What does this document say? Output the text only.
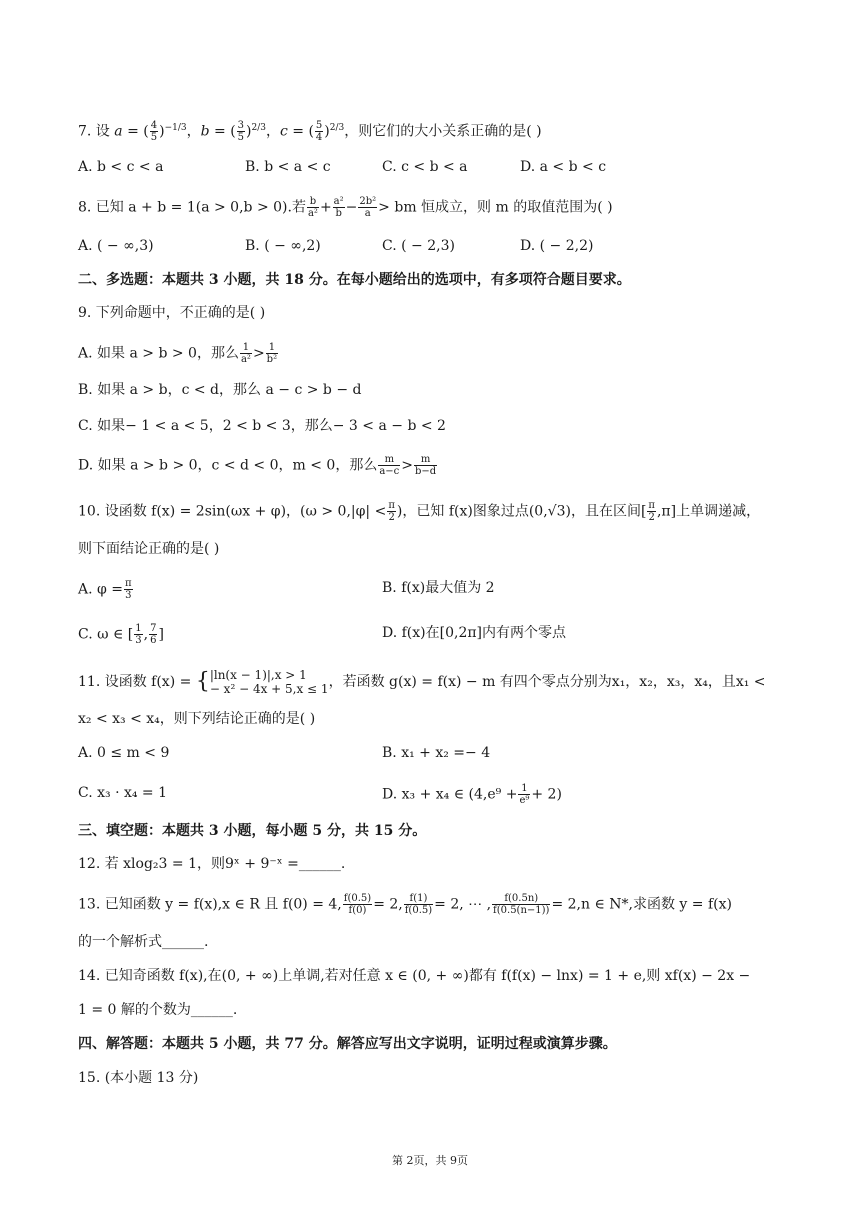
7. 设 a = ( $\frac{4}{5} )^{-1/3}$，b = ( $\frac{3}{5} )^{2/3}$，c = ( $\frac{5}{4} )^{2/3}$，则它们的大小关系正确的是( )
A. b < c < a	B. b < a < c	C. c < b < a	D. a < b < c
8. 已知 a + b = 1(a > 0,b > 0).若 $\frac{b}{\text{a²}} + \frac{\text{a²}}{b} - \frac{\text{2b²}}{a}$ > bm 恒成立，则 m 的取值范围为( )
A. ( − ∞,3)	B. ( − ∞,2)	C. ( − 2,3)	D. ( − 2,2)
二、多选题：本题共 3 小题，共 18 分。在每小题给出的选项中，有多项符合题目要求。
9. 下列命题中，不正确的是( )
A. 如果 a > b > 0，那么 $\frac{1}{\text{a²}} > \frac{1}{\text{b²}}$
B. 如果 a > b，c < d，那么 a − c > b − d
C. 如果− 1 < a < 5，2 < b < 3，那么− 3 < a − b < 2
D. 如果 a > b > 0，c < d < 0，m < 0，那么 $\frac{m}{a-c} > \frac{m}{b-d}$
10. 设函数 f(x) = 2sin(ωx + φ)，($\omega > 0,|\varphi| < \frac{\pi}{2}$ )，已知 f(x)图象过点(0,√3)，且在区间[ $\frac{\pi}{2} ,\pi$]上单调递减，
则下面结论正确的是( )
A. $\varphi = \frac{\pi}{3}$	B. f(x)最大值为 2
C. ω ∈ [ $\frac{1}{3}$ , $\frac{7}{6}$ ]	D. f(x)在[0,2π]内有两个零点
11. 设函数 f(x) = { |ln(x − 1)|,x > 1
− x² − 4x + 5,x ≤ 1 ，若函数 g(x) = f(x) − m 有四个零点分别为x₁，x₂，x₃，x₄，且x₁ <
x₂ < x₃ < x₄，则下列结论正确的是( )
A. 0 ≤ m < 9	B. x₁ + x₂ =− 4
C. x₃ · x₄ = 1	D. x₃ + x₄ ∈ $(4,e^9 + \frac{1}{\text{e⁹}} + 2)$
三、填空题：本题共 3 小题，每小题 5 分，共 15 分。
12. 若 xlog₂3 = 1，则9ˣ + 9⁻ˣ =______.
13. 已知函数 y = f(x),x ∈ R 且 f(0) = 4, $\frac{f(0.5)}{f(0)} = 2$, $\frac{f(1)}{f(0.5)} = 2$, ⋯ , $\frac{f(0.5n)}{f(0.5(n-1))} = 2,n$ ∈ N*,求函数 y = f(x)
的一个解析式______.
14. 已知奇函数 f(x),在(0, + ∞)上单调,若对任意 x ∈ (0, + ∞)都有 f(f(x) − lnx) = 1 + e,则 xf(x) − 2x −
1 = 0 解的个数为______.
四、解答题：本题共 5 小题，共 77 分。解答应写出文字说明，证明过程或演算步骤。
15. (本小题 13 分)
第 2页，共 9页
